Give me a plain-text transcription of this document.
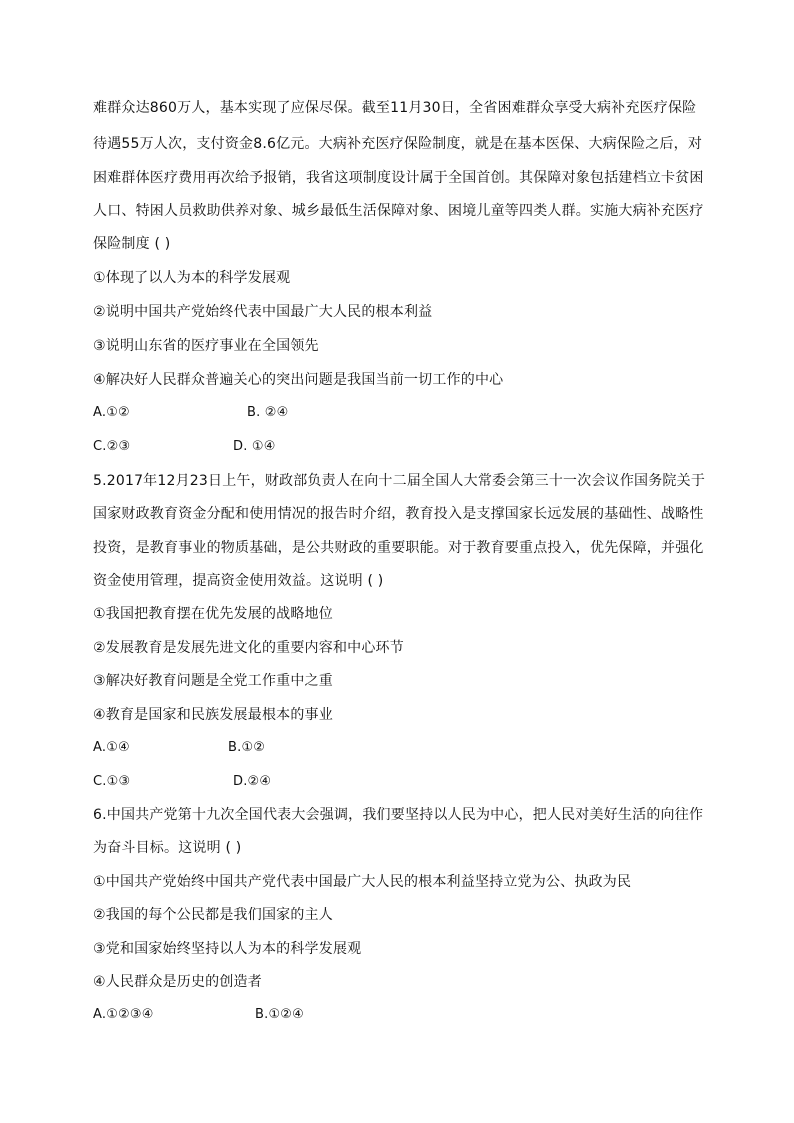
难群众达860万人，基本实现了应保尽保。截至11月30日，全省困难群众享受大病补充医疗保险
待遇55万人次，支付资金8.6亿元。大病补充医疗保险制度，就是在基本医保、大病保险之后，对
困难群体医疗费用再次给予报销，我省这项制度设计属于全国首创。其保障对象包括建档立卡贫困
人口、特困人员救助供养对象、城乡最低生活保障对象、困境儿童等四类人群。实施大病补充医疗
保险制度 ( )
①体现了以人为本的科学发展观
②说明中国共产党始终代表中国最广大人民的根本利益
③说明山东省的医疗事业在全国领先
④解决好人民群众普遍关心的突出问题是我国当前一切工作的中心
A.①②	B. ②④
C.②③	D. ①④
5.2017年12月23日上午，财政部负责人在向十二届全国人大常委会第三十一次会议作国务院关于
国家财政教育资金分配和使用情况的报告时介绍，教育投入是支撑国家长远发展的基础性、战略性
投资，是教育事业的物质基础，是公共财政的重要职能。对于教育要重点投入，优先保障，并强化
资金使用管理，提高资金使用效益。这说明 ( )
①我国把教育摆在优先发展的战略地位
②发展教育是发展先进文化的重要内容和中心环节
③解决好教育问题是全党工作重中之重
④教育是国家和民族发展最根本的事业
A.①④	B.①②
C.①③	D.②④
6.中国共产党第十九次全国代表大会强调，我们要坚持以人民为中心，把人民对美好生活的向往作
为奋斗目标。这说明 ( )
①中国共产党始终中国共产党代表中国最广大人民的根本利益坚持立党为公、执政为民
②我国的每个公民都是我们国家的主人
③党和国家始终坚持以人为本的科学发展观
④人民群众是历史的创造者
A.①②③④	B.①②④
